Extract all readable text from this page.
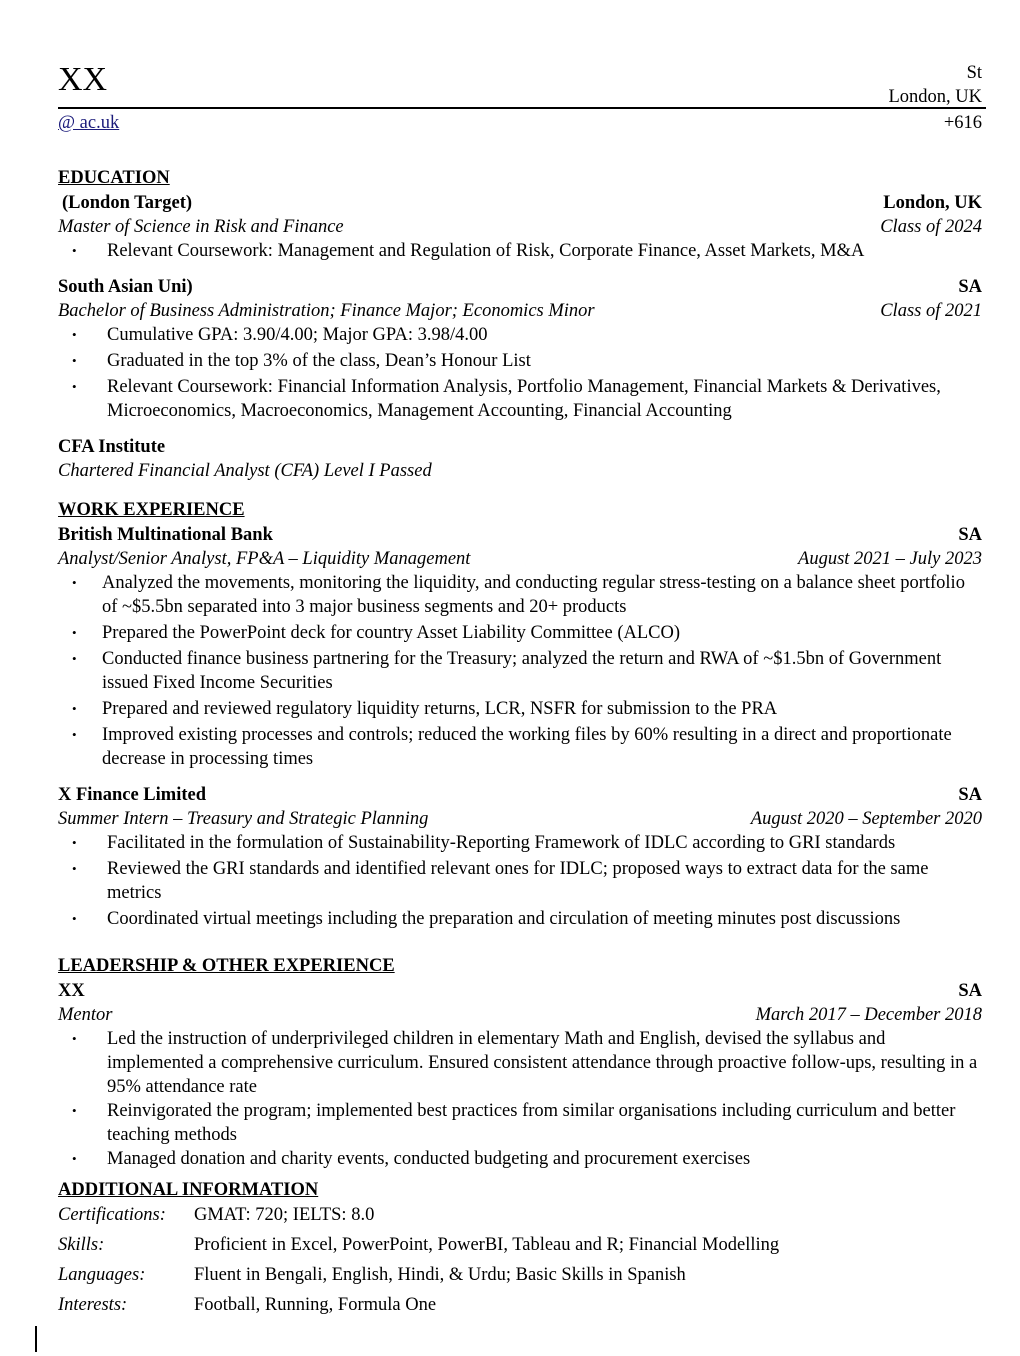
XX	St
London, UK
@ ac.uk	+616
EDUCATION
(London Target)	London, UK
Master of Science in Risk and Finance	Class of 2024
• Relevant Coursework: Management and Regulation of Risk, Corporate Finance, Asset Markets, M&A
South Asian Uni)	SA
Bachelor of Business Administration; Finance Major; Economics Minor	Class of 2021
• Cumulative GPA: 3.90/4.00; Major GPA: 3.98/4.00
• Graduated in the top 3% of the class, Dean’s Honour List
• Relevant Coursework: Financial Information Analysis, Portfolio Management, Financial Markets & Derivatives, Microeconomics, Macroeconomics, Management Accounting, Financial Accounting
CFA Institute
Chartered Financial Analyst (CFA) Level I Passed
WORK EXPERIENCE
British Multinational Bank	SA
Analyst/Senior Analyst, FP&A – Liquidity Management	August 2021 – July 2023
• Analyzed the movements, monitoring the liquidity, and conducting regular stress-testing on a balance sheet portfolio of ~$5.5bn separated into 3 major business segments and 20+ products
• Prepared the PowerPoint deck for country Asset Liability Committee (ALCO)
• Conducted finance business partnering for the Treasury; analyzed the return and RWA of ~$1.5bn of Government issued Fixed Income Securities
• Prepared and reviewed regulatory liquidity returns, LCR, NSFR for submission to the PRA
• Improved existing processes and controls; reduced the working files by 60% resulting in a direct and proportionate decrease in processing times
X Finance Limited	SA
Summer Intern – Treasury and Strategic Planning	August 2020 – September 2020
• Facilitated in the formulation of Sustainability-Reporting Framework of IDLC according to GRI standards
• Reviewed the GRI standards and identified relevant ones for IDLC; proposed ways to extract data for the same metrics
• Coordinated virtual meetings including the preparation and circulation of meeting minutes post discussions
LEADERSHIP & OTHER EXPERIENCE
XX	SA
Mentor	March 2017 – December 2018
• Led the instruction of underprivileged children in elementary Math and English, devised the syllabus and implemented a comprehensive curriculum. Ensured consistent attendance through proactive follow-ups, resulting in a 95% attendance rate
• Reinvigorated the program; implemented best practices from similar organisations including curriculum and better teaching methods
• Managed donation and charity events, conducted budgeting and procurement exercises
ADDITIONAL INFORMATION
Certifications:	GMAT: 720; IELTS: 8.0
Skills:	Proficient in Excel, PowerPoint, PowerBI, Tableau and R; Financial Modelling
Languages:	Fluent in Bengali, English, Hindi, & Urdu; Basic Skills in Spanish
Interests:	Football, Running, Formula One
